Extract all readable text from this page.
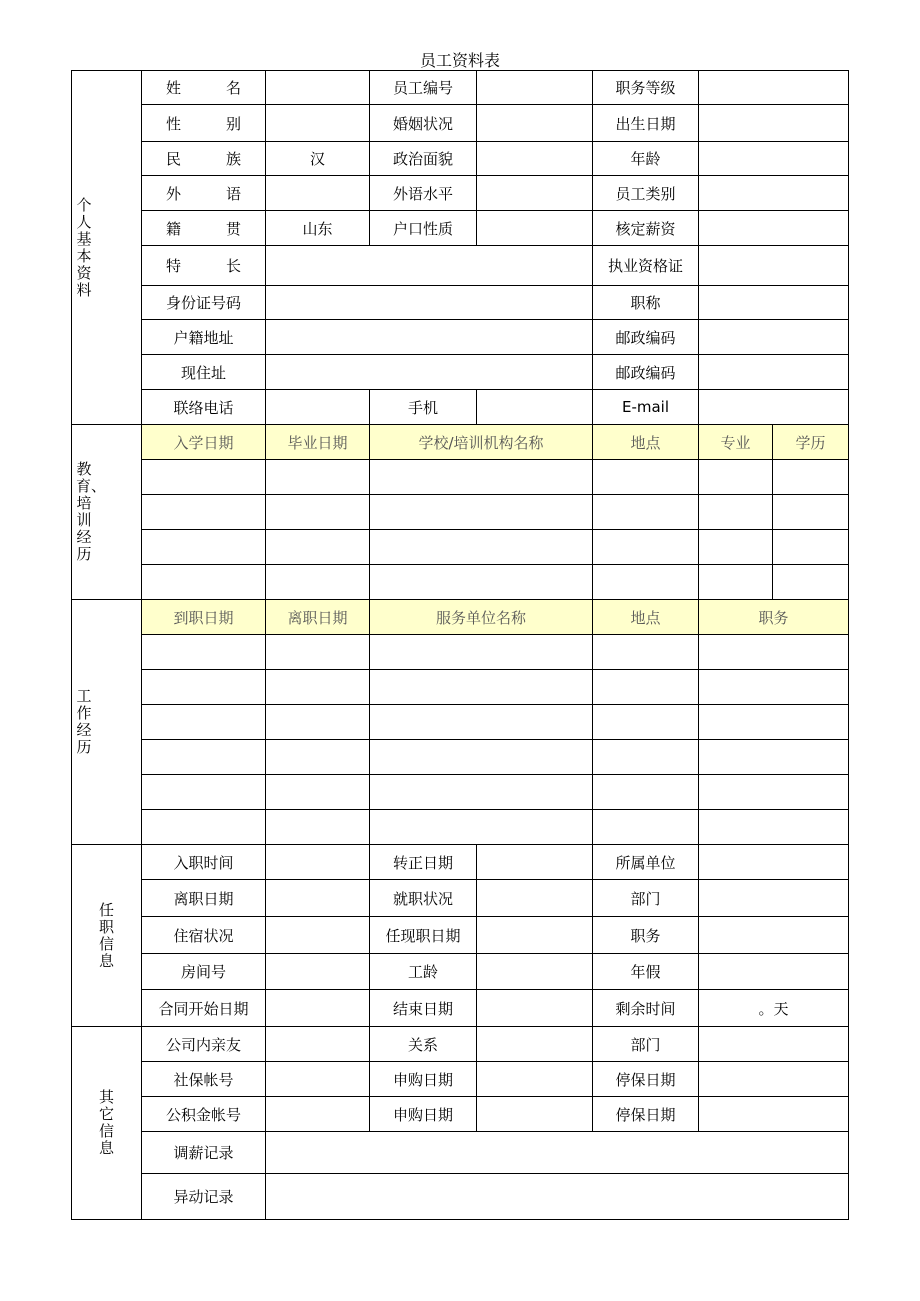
员工资料表
个人基本资料	姓 名		员工编号		职务等级		

	性 别		婚姻状况		出生日期		

	民 族	汉	政治面貌		年龄		

	外 语		外语水平		员工类别		

	籍 贯	山东	户口性质		核定薪资		

	特 长				执业资格证		
	身份证号码				职称		
	户籍地址				邮政编码		
	现住址				邮政编码		
	联络电话		手机		E-mail		
教育、培训经历	入学日期	毕业日期	学校/培训机构名称		地点	专业	学历

工作经历	到职日期	离职日期	服务单位名称		地点	职务	

任职信息	入职时间		转正日期		所属单位		
	离职日期		就职状况		部门		
	住宿状况		任现职日期		职务		
	房间号		工龄		年假		
	合同开始日期		结束日期		剩余时间	。天	
其它信息	公司内亲友		关系		部门		
	社保帐号		申购日期		停保日期		
	公积金帐号		申购日期		停保日期		
	调薪记录						
	异动记录						
